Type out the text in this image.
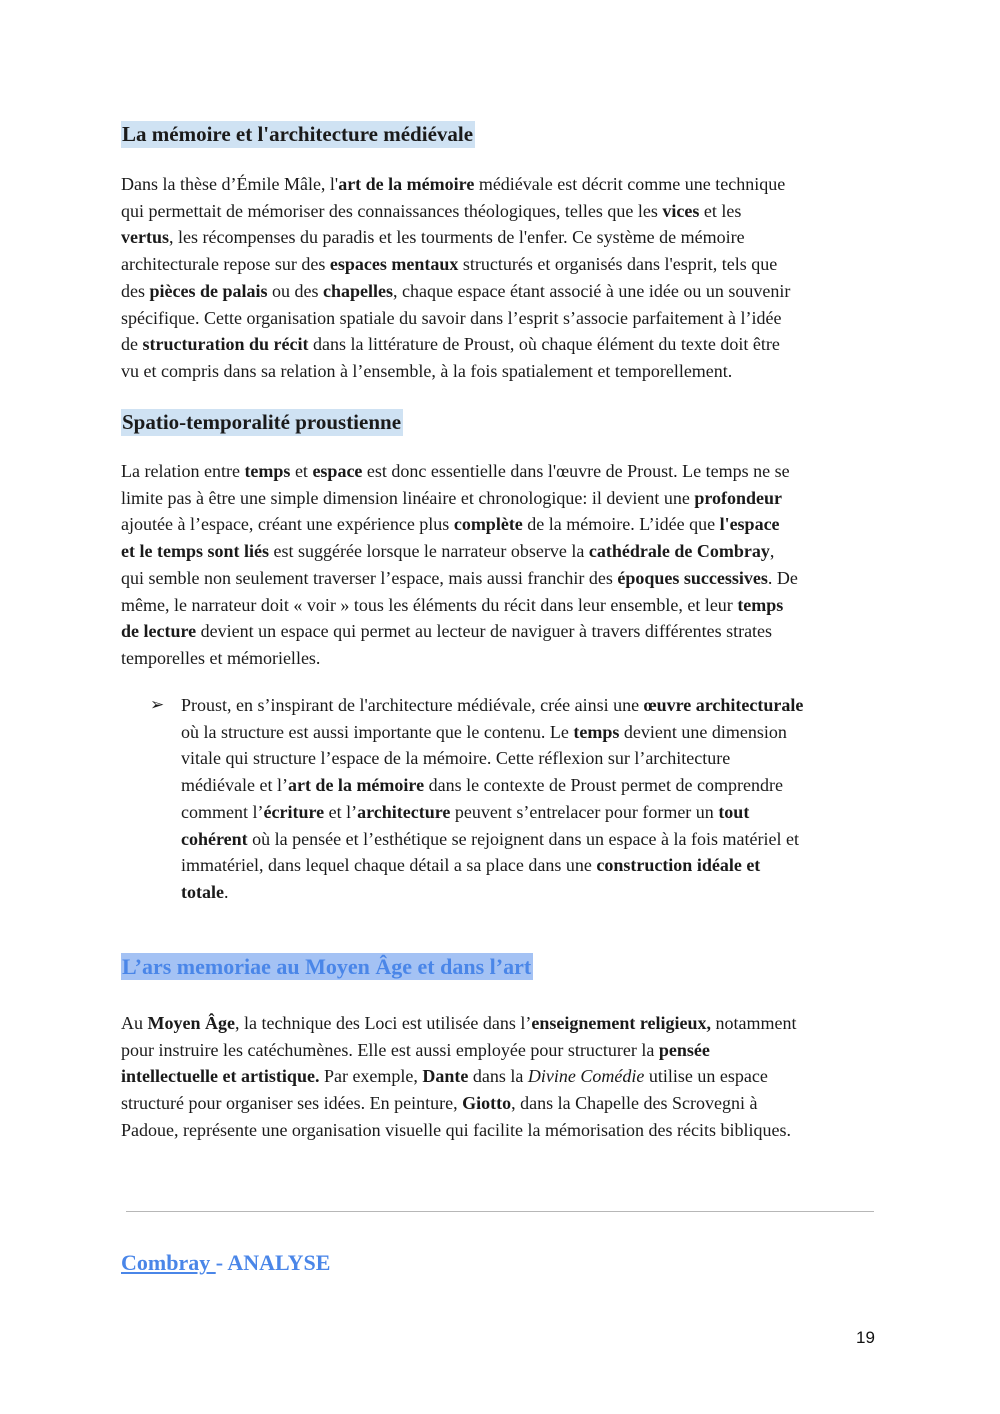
La mémoire et l'architecture médiévale

Dans la thèse d’Émile Mâle, l'art de la mémoire médiévale est décrit comme une technique
qui permettait de mémoriser des connaissances théologiques, telles que les vices et les
vertus, les récompenses du paradis et les tourments de l'enfer. Ce système de mémoire
architecturale repose sur des espaces mentaux structurés et organisés dans l'esprit, tels que
des pièces de palais ou des chapelles, chaque espace étant associé à une idée ou un souvenir
spécifique. Cette organisation spatiale du savoir dans l’esprit s’associe parfaitement à l’idée
de structuration du récit dans la littérature de Proust, où chaque élément du texte doit être
vu et compris dans sa relation à l’ensemble, à la fois spatialement et temporellement.

Spatio-temporalité proustienne

La relation entre temps et espace est donc essentielle dans l'œuvre de Proust. Le temps ne se
limite pas à être une simple dimension linéaire et chronologique: il devient une profondeur
ajoutée à l’espace, créant une expérience plus complète de la mémoire. L’idée que l'espace
et le temps sont liés est suggérée lorsque le narrateur observe la cathédrale de Combray,
qui semble non seulement traverser l’espace, mais aussi franchir des époques successives. De
même, le narrateur doit « voir » tous les éléments du récit dans leur ensemble, et leur temps
de lecture devient un espace qui permet au lecteur de naviguer à travers différentes strates
temporelles et mémorielles.

➢ Proust, en s’inspirant de l'architecture médiévale, crée ainsi une œuvre architecturale
où la structure est aussi importante que le contenu. Le temps devient une dimension
vitale qui structure l’espace de la mémoire. Cette réflexion sur l’architecture
médiévale et l’art de la mémoire dans le contexte de Proust permet de comprendre
comment l’écriture et l’architecture peuvent s’entrelacer pour former un tout
cohérent où la pensée et l’esthétique se rejoignent dans un espace à la fois matériel et
immatériel, dans lequel chaque détail a sa place dans une construction idéale et
totale.
L’ars memoriae au Moyen Âge et dans l’art

Au Moyen Âge, la technique des Loci est utilisée dans l’enseignement religieux, notamment
pour instruire les catéchumènes. Elle est aussi employée pour structurer la pensée
intellectuelle et artistique. Par exemple, Dante dans la Divine Comédie utilise un espace
structuré pour organiser ses idées. En peinture, Giotto, dans la Chapelle des Scrovegni à
Padoue, représente une organisation visuelle qui facilite la mémorisation des récits bibliques.

Combray - ANALYSE
19
